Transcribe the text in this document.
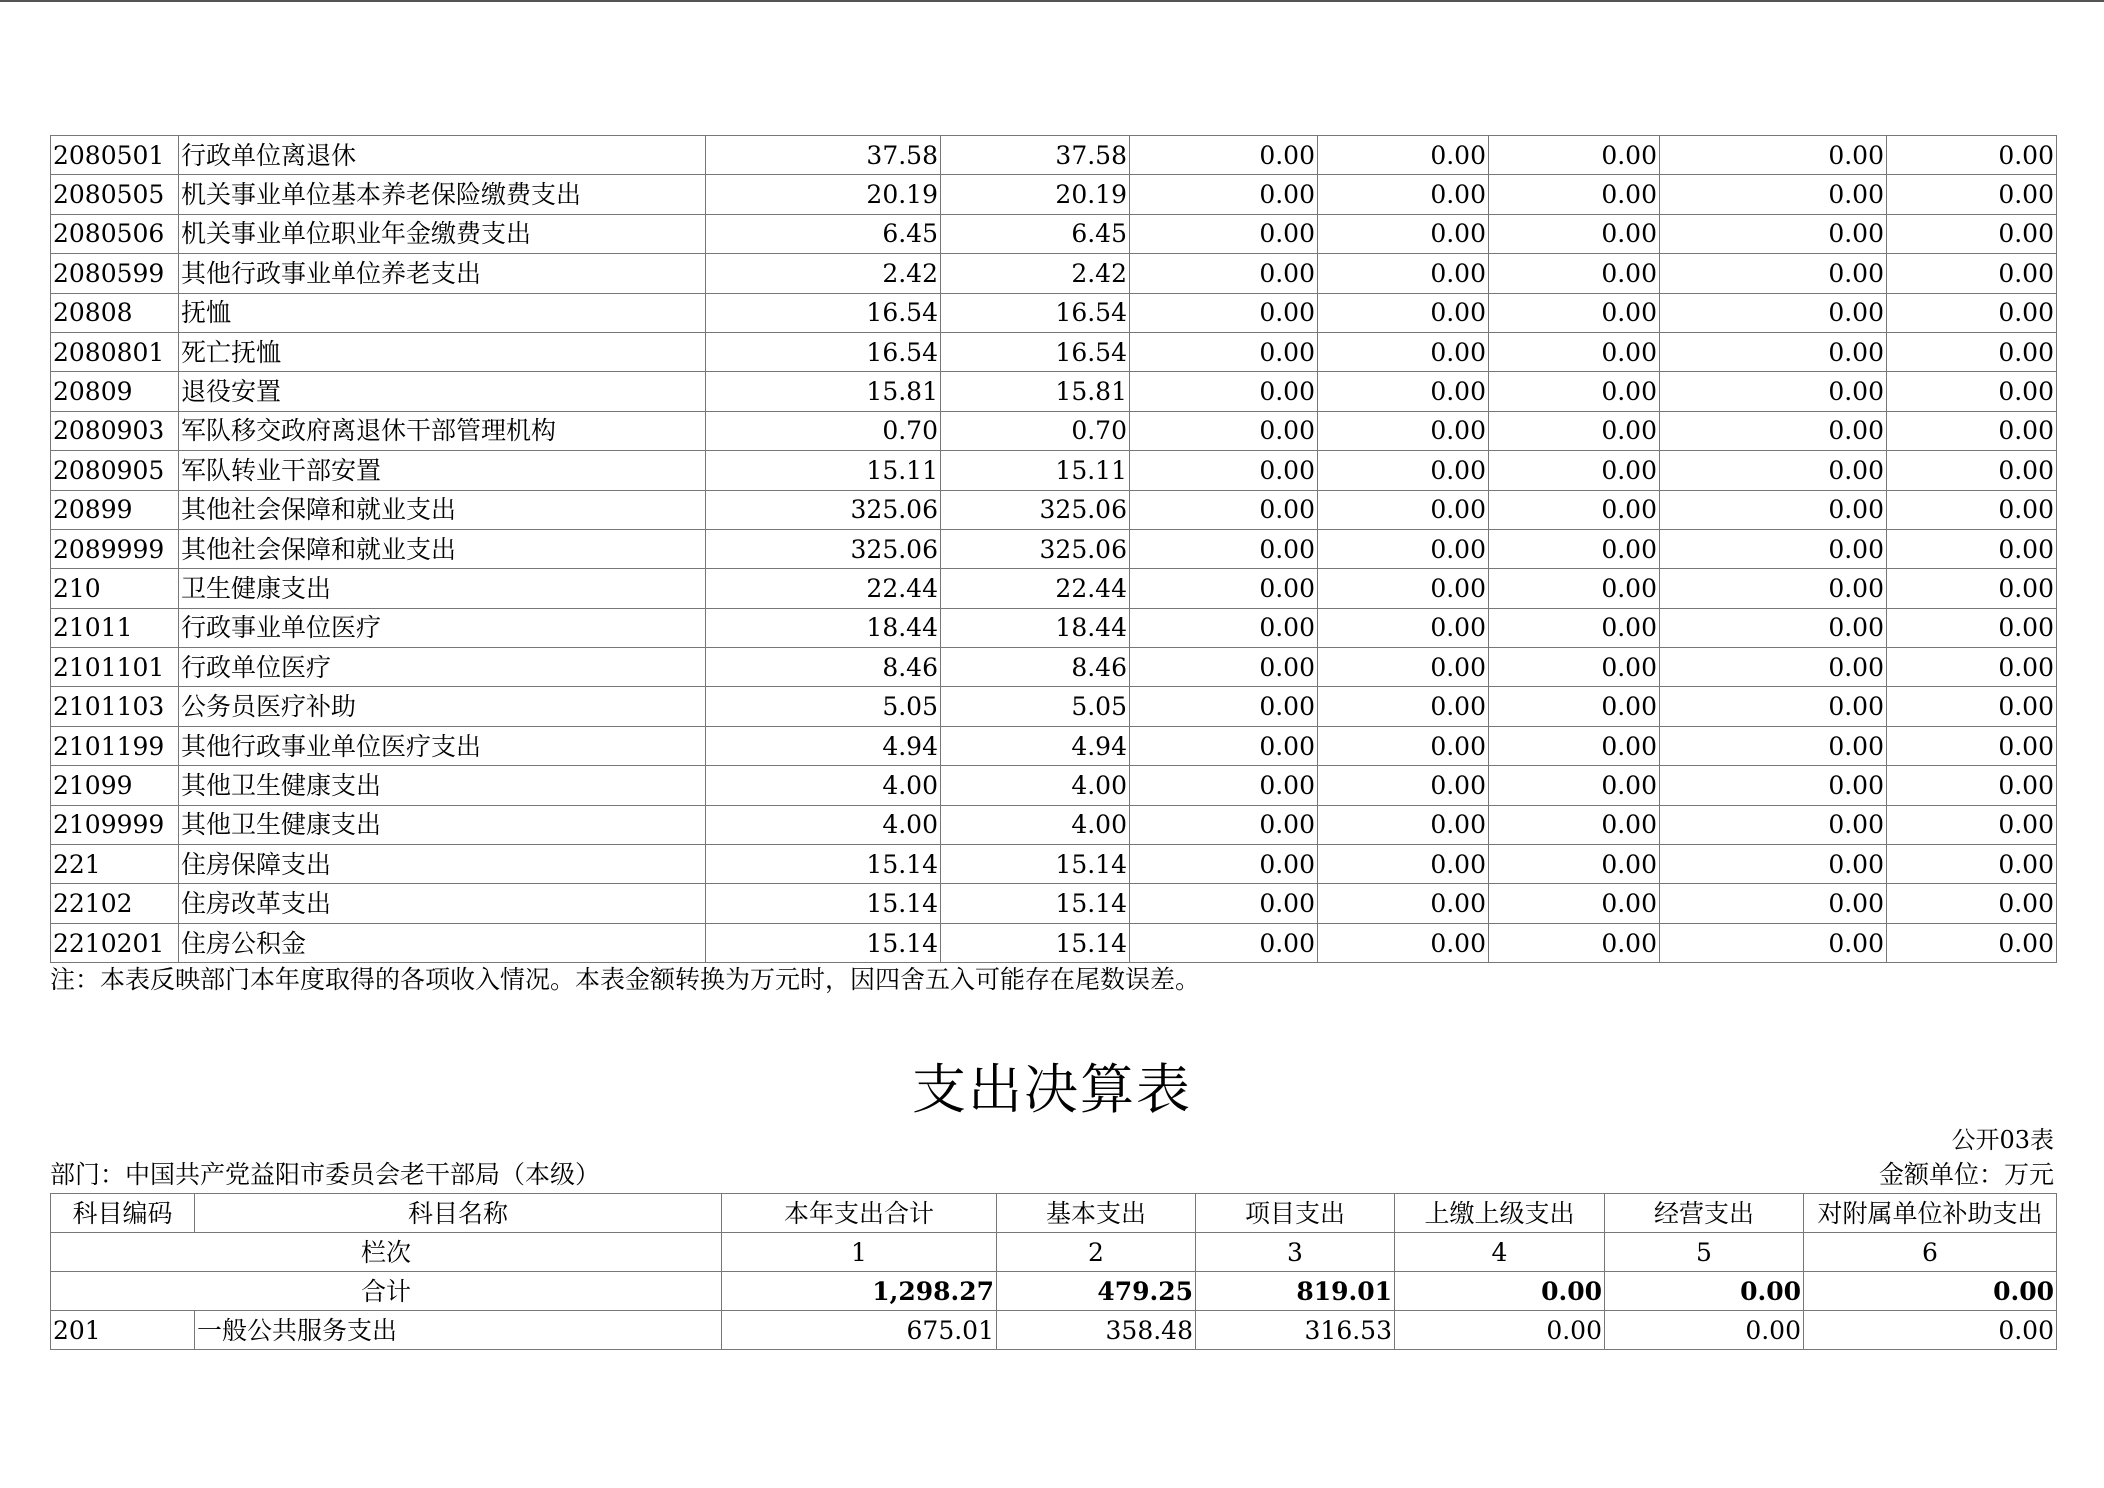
2080501	行政单位离退休	37.58	37.58	0.00	0.00	0.00	0.00	0.00
2080505	机关事业单位基本养老保险缴费支出	20.19	20.19	0.00	0.00	0.00	0.00	0.00
2080506	机关事业单位职业年金缴费支出	6.45	6.45	0.00	0.00	0.00	0.00	0.00
2080599	其他行政事业单位养老支出	2.42	2.42	0.00	0.00	0.00	0.00	0.00
20808	抚恤	16.54	16.54	0.00	0.00	0.00	0.00	0.00
2080801	死亡抚恤	16.54	16.54	0.00	0.00	0.00	0.00	0.00
20809	退役安置	15.81	15.81	0.00	0.00	0.00	0.00	0.00
2080903	军队移交政府离退休干部管理机构	0.70	0.70	0.00	0.00	0.00	0.00	0.00
2080905	军队转业干部安置	15.11	15.11	0.00	0.00	0.00	0.00	0.00
20899	其他社会保障和就业支出	325.06	325.06	0.00	0.00	0.00	0.00	0.00
2089999	其他社会保障和就业支出	325.06	325.06	0.00	0.00	0.00	0.00	0.00
210	卫生健康支出	22.44	22.44	0.00	0.00	0.00	0.00	0.00
21011	行政事业单位医疗	18.44	18.44	0.00	0.00	0.00	0.00	0.00
2101101	行政单位医疗	8.46	8.46	0.00	0.00	0.00	0.00	0.00
2101103	公务员医疗补助	5.05	5.05	0.00	0.00	0.00	0.00	0.00
2101199	其他行政事业单位医疗支出	4.94	4.94	0.00	0.00	0.00	0.00	0.00
21099	其他卫生健康支出	4.00	4.00	0.00	0.00	0.00	0.00	0.00
2109999	其他卫生健康支出	4.00	4.00	0.00	0.00	0.00	0.00	0.00
221	住房保障支出	15.14	15.14	0.00	0.00	0.00	0.00	0.00
22102	住房改革支出	15.14	15.14	0.00	0.00	0.00	0.00	0.00
2210201	住房公积金	15.14	15.14	0.00	0.00	0.00	0.00	0.00
注：本表反映部门本年度取得的各项收入情况。本表金额转换为万元时，因四舍五入可能存在尾数误差。
支出决算表
公开03表
部门：中国共产党益阳市委员会老干部局（本级）	金额单位：万元
科目编码	科目名称	本年支出合计	基本支出	项目支出	上缴上级支出	经营支出	对附属单位补助支出
栏次		1	2	3	4	5	6
合计		1,298.27	479.25	819.01	0.00	0.00	0.00
201	一般公共服务支出	675.01	358.48	316.53	0.00	0.00	0.00
